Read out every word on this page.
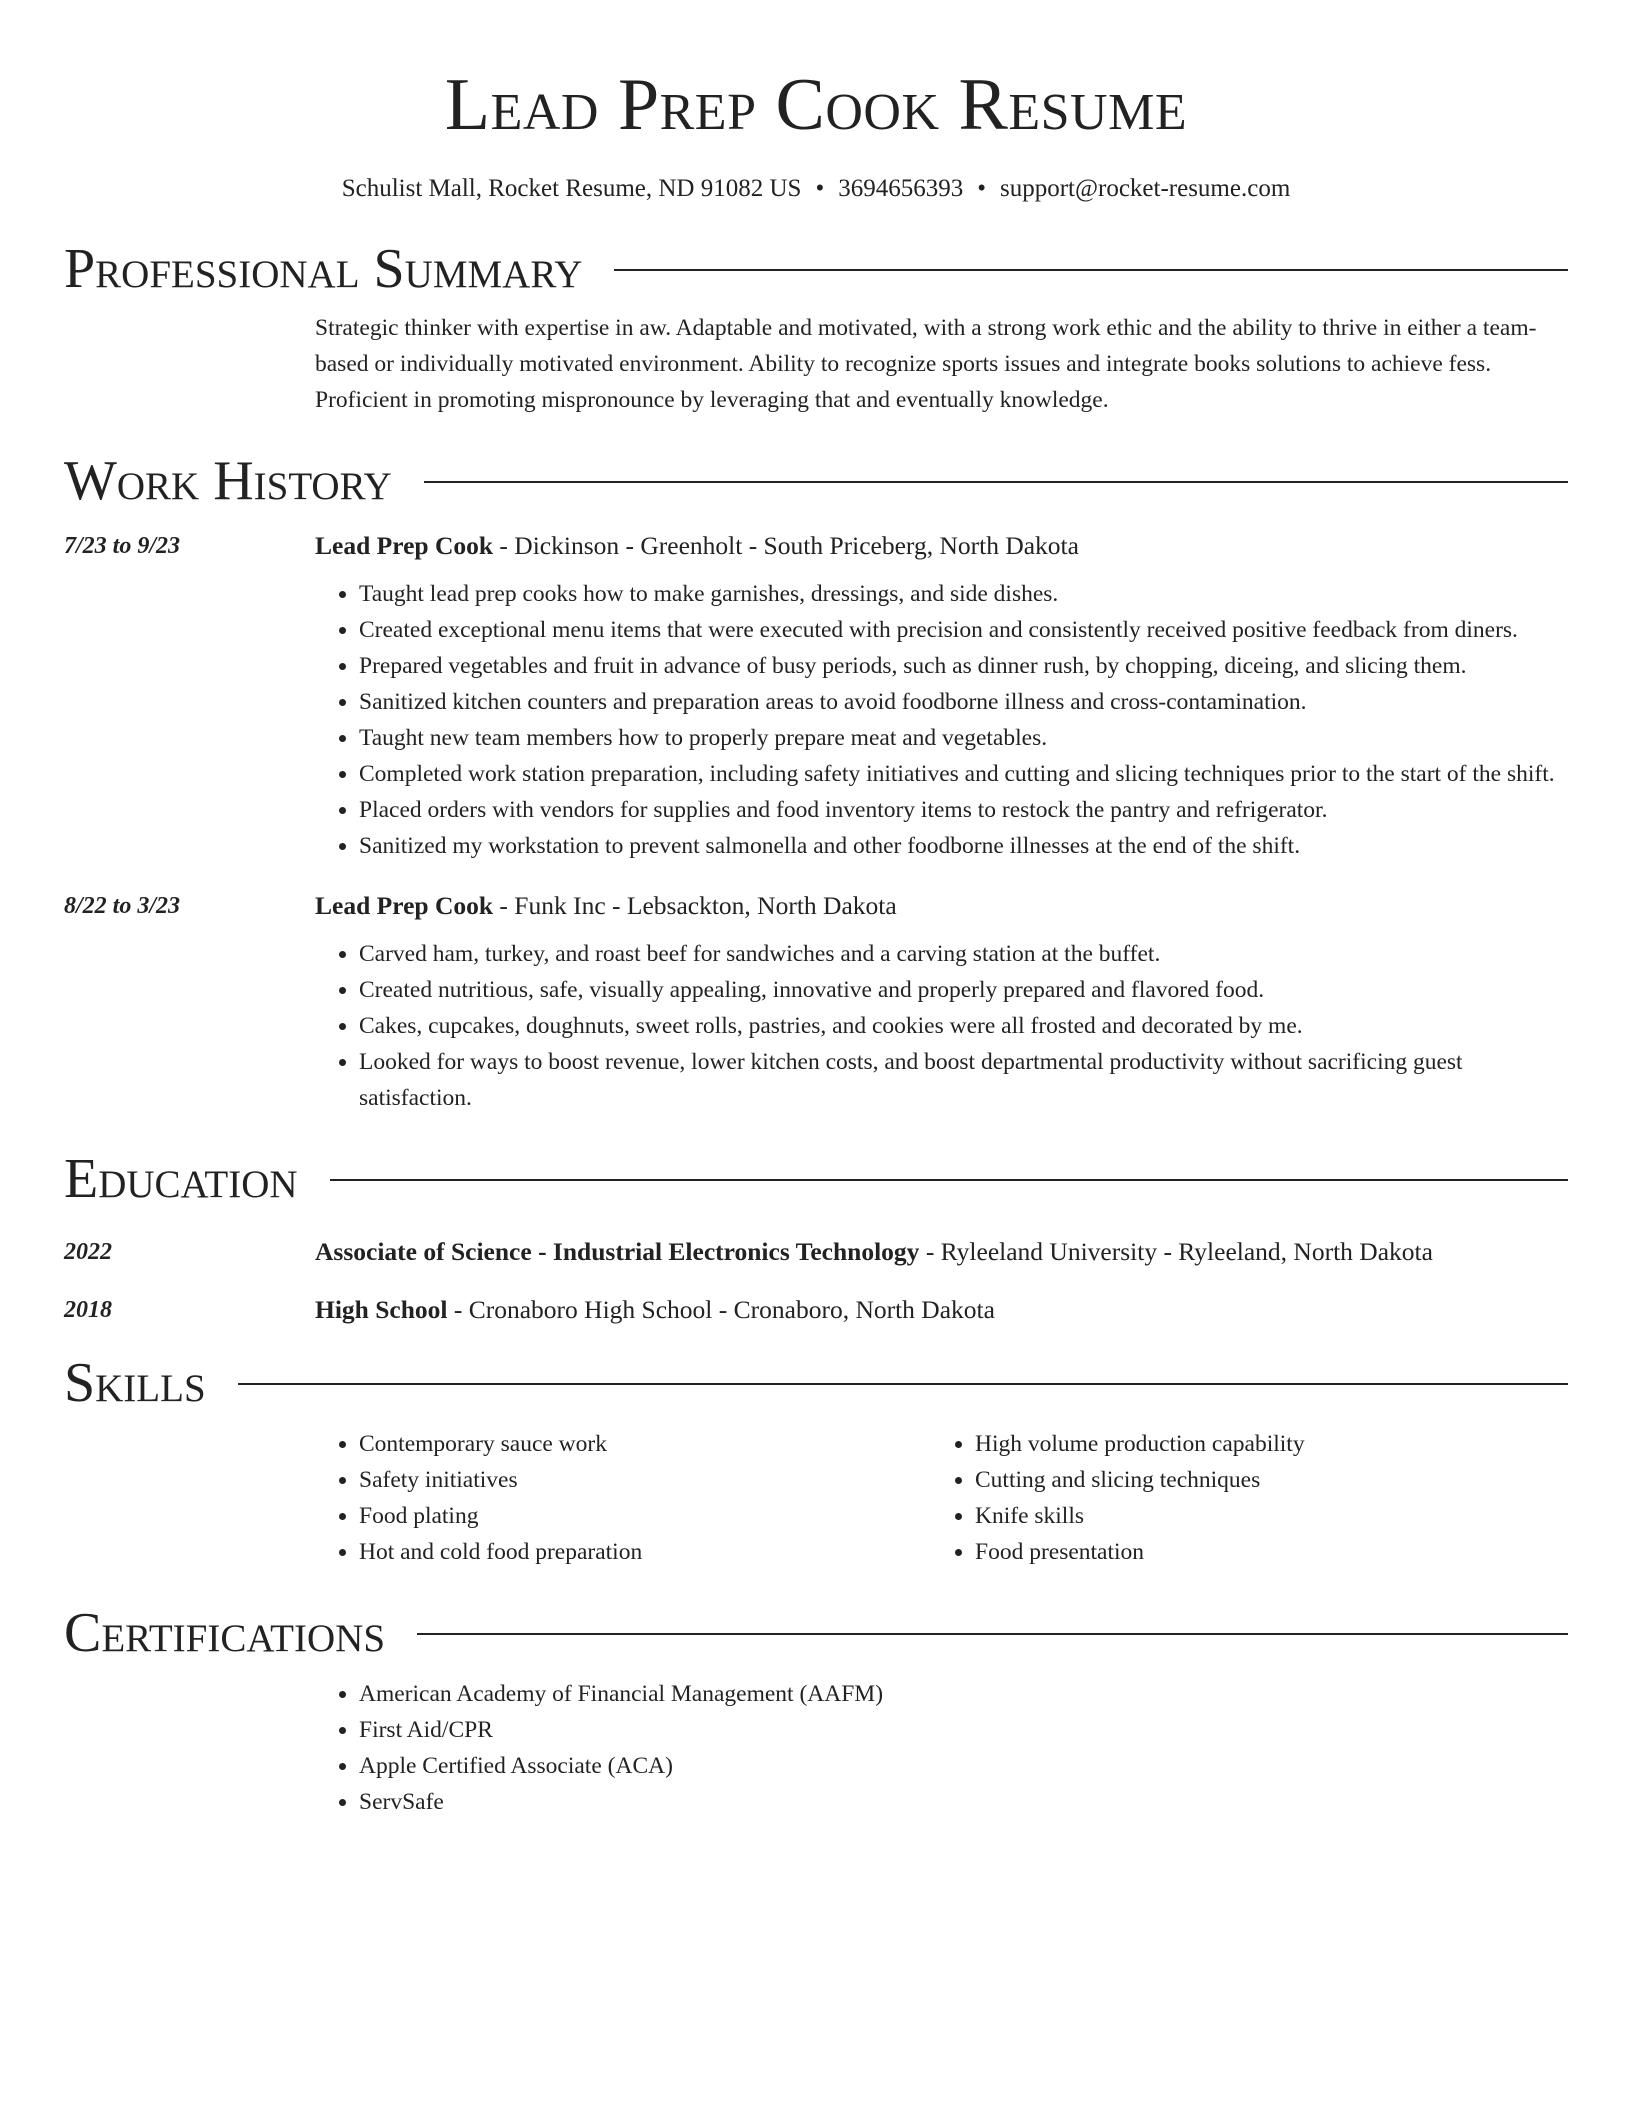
Lead Prep Cook Resume
Schulist Mall, Rocket Resume, ND 91082 US • 3694656393 • support@rocket-resume.com
Professional Summary
Strategic thinker with expertise in aw. Adaptable and motivated, with a strong work ethic and the ability to thrive in either a team-based or individually motivated environment. Ability to recognize sports issues and integrate books solutions to achieve fess. Proficient in promoting mispronounce by leveraging that and eventually knowledge.
Work History
7/23 to 9/23	Lead Prep Cook - Dickinson - Greenholt - South Priceberg, North Dakota
• Taught lead prep cooks how to make garnishes, dressings, and side dishes.
• Created exceptional menu items that were executed with precision and consistently received positive feedback from diners.
• Prepared vegetables and fruit in advance of busy periods, such as dinner rush, by chopping, diceing, and slicing them.
• Sanitized kitchen counters and preparation areas to avoid foodborne illness and cross-contamination.
• Taught new team members how to properly prepare meat and vegetables.
• Completed work station preparation, including safety initiatives and cutting and slicing techniques prior to the start of the shift.
• Placed orders with vendors for supplies and food inventory items to restock the pantry and refrigerator.
• Sanitized my workstation to prevent salmonella and other foodborne illnesses at the end of the shift.
8/22 to 3/23	Lead Prep Cook - Funk Inc - Lebsackton, North Dakota
• Carved ham, turkey, and roast beef for sandwiches and a carving station at the buffet.
• Created nutritious, safe, visually appealing, innovative and properly prepared and flavored food.
• Cakes, cupcakes, doughnuts, sweet rolls, pastries, and cookies were all frosted and decorated by me.
• Looked for ways to boost revenue, lower kitchen costs, and boost departmental productivity without sacrificing guest satisfaction.
Education
2022	Associate of Science - Industrial Electronics Technology - Ryleeland University - Ryleeland, North Dakota
2018	High School - Cronaboro High School - Cronaboro, North Dakota
Skills
• Contemporary sauce work
• Safety initiatives
• Food plating
• Hot and cold food preparation
• High volume production capability
• Cutting and slicing techniques
• Knife skills
• Food presentation
Certifications
• American Academy of Financial Management (AAFM)
• First Aid/CPR
• Apple Certified Associate (ACA)
• ServSafe
